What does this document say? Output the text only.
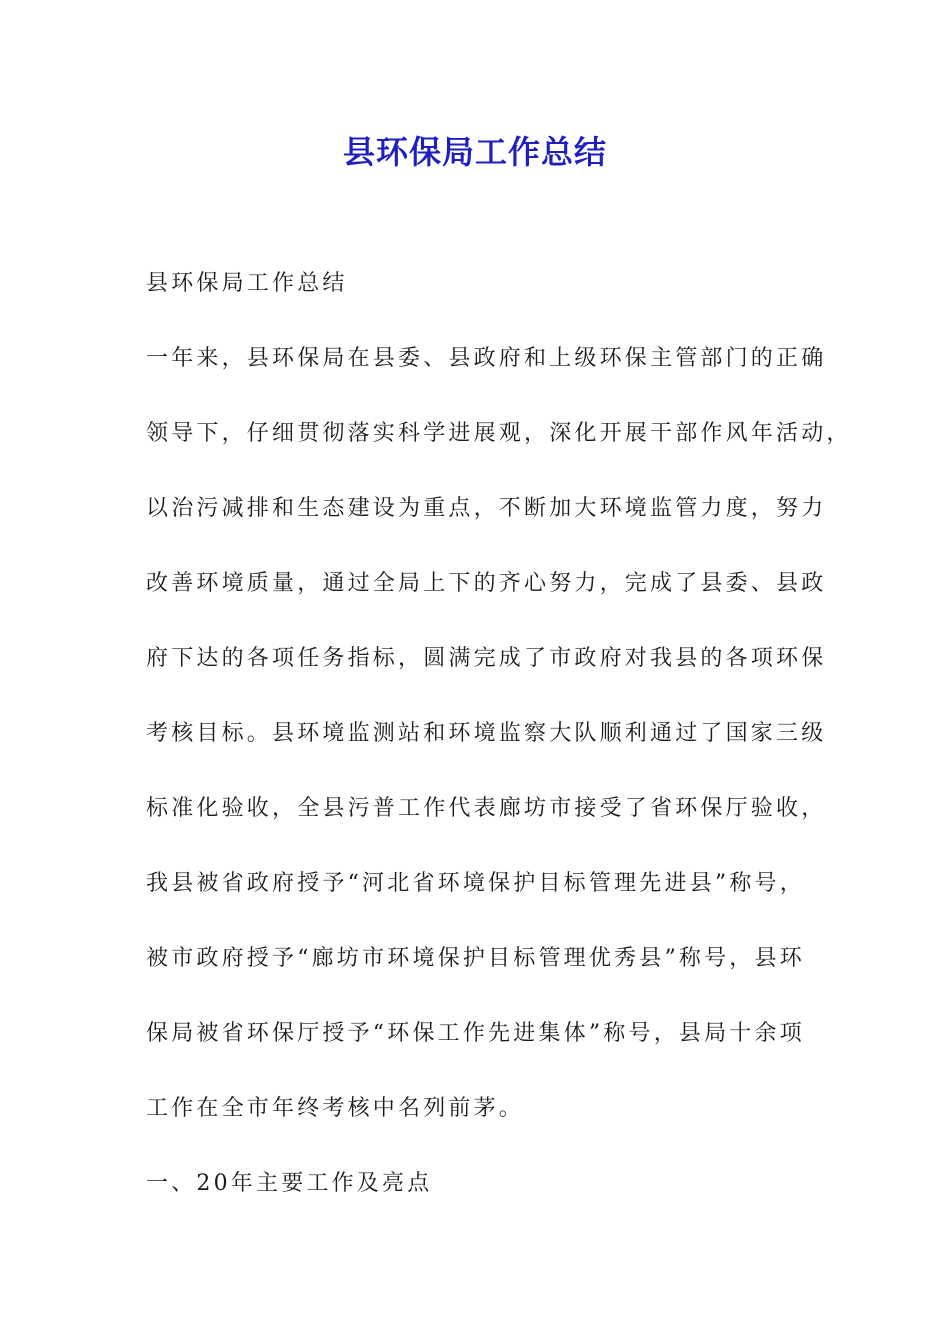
县环保局工作总结

县环保局工作总结

一年来，县环保局在县委、县政府和上级环保主管部门的正确

领导下，仔细贯彻落实科学进展观，深化开展干部作风年活动，

以治污减排和生态建设为重点，不断加大环境监管力度，努力

改善环境质量，通过全局上下的齐心努力，完成了县委、县政

府下达的各项任务指标，圆满完成了市政府对我县的各项环保

考核目标。县环境监测站和环境监察大队顺利通过了国家三级

标准化验收，全县污普工作代表廊坊市接受了省环保厅验收，

我县被省政府授予“河北省环境保护目标管理先进县”称号，

被市政府授予“廊坊市环境保护目标管理优秀县”称号，县环

保局被省环保厅授予“环保工作先进集体”称号，县局十余项

工作在全市年终考核中名列前茅。

一、20年主要工作及亮点
